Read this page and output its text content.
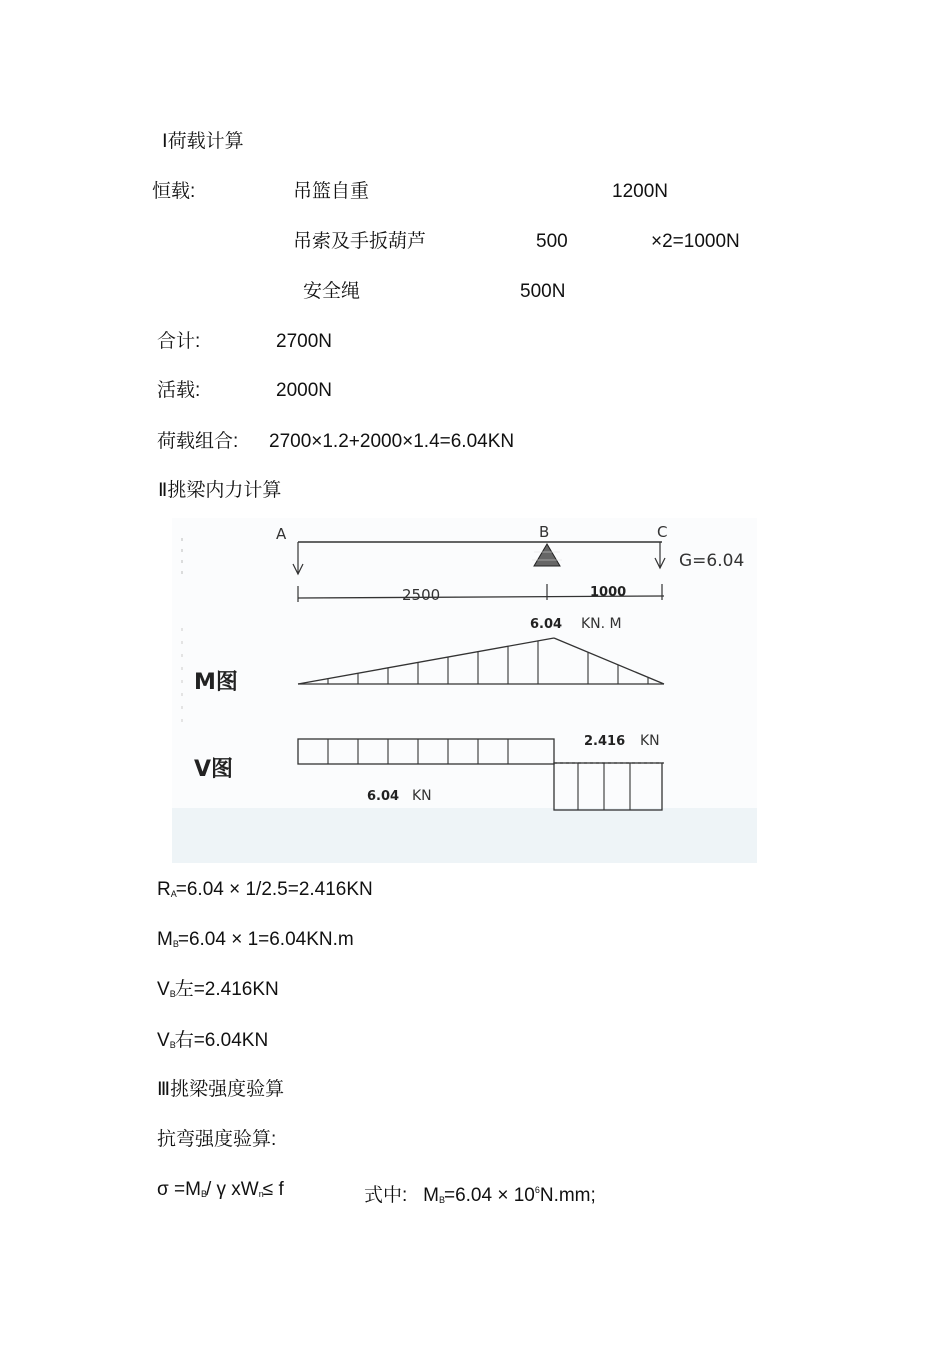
Ⅰ荷载计算
恒载:	吊篮自重	1200N
吊索及手扳葫芦	500	×2=1000N
安全绳	500N
合计:	2700N
活载:	2000N
荷载组合: 2700×1.2+2000×1.4=6.04KN
Ⅱ挑梁内力计算
A	B	C
G=6.04
2500	1000
6.04 KN. M
M图
2.416 KN
V图
6.04 KN
$R_A=6.04 \times 1/2.5=2.416KN$
$M_B=6.04 \times 1=6.04KN.m$
$V_B$左=2.416KN
$V_B$右=6.04KN
Ⅲ挑梁强度验算
抗弯强度验算:
$\sigma =M_B/$ γ $xW_n\le f$	式中: $M_B=6.04 \times 10^6N.mm$;
